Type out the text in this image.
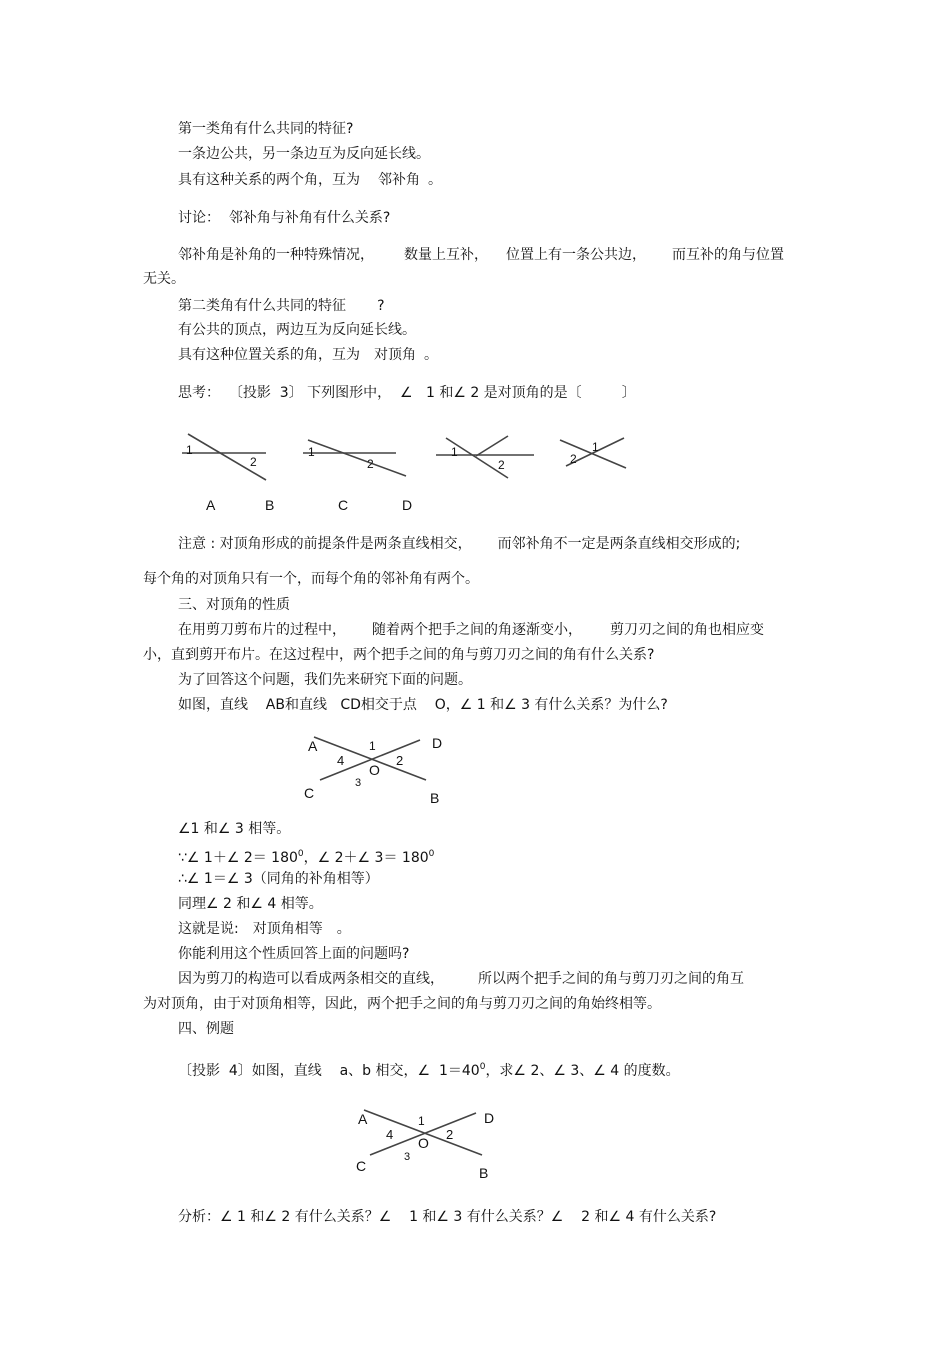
第一类角有什么共同的特征?
一条边公共，另一条边互为反向延长线。
具有这种关系的两个角，互为 邻补角 。
讨论：  邻补角与补角有什么关系?
邻补角是补角的一种特殊情况， 数量上互补， 位置上有一条公共边， 而互补的角与位置
无关。
第二类角有什么共同的特征       ?
有公共的顶点，两边互为反向延长线。
具有这种位置关系的角，互为 对顶角 。
思考：  〔投影  3〕 下列图形中，  ∠   1 和∠ 2 是对顶角的是〔         〕
1
2
1
2
1
2
1
2
A	B	C	D
注意 : 对顶角形成的前提条件是两条直线相交， 而邻补角不一定是两条直线相交形成的;
每个角的对顶角只有一个，而每个角的邻补角有两个。
三、对顶角的性质
在用剪刀剪布片的过程中， 随着两个把手之间的角逐渐变小， 剪刀刃之间的角也相应变
小，直到剪开布片。在这过程中，两个把手之间的角与剪刀刃之间的角有什么关系?
为了回答这个问题，我们先来研究下面的问题。
如图，直线    AB和直线   CD相交于点    O，∠ 1 和∠ 3 有什么关系？为什么?
A	D
1
4	2
O
3
C	B
∠1 和∠ 3 相等。
∵∠ 1＋∠ $2= 180^0$，∠ 2＋∠ $3= 180^0$
∴∠ 1＝∠ 3（同角的补角相等）
同理∠ 2 和∠ 4 相等。
这就是说: 对顶角相等 。
你能利用这个性质回答上面的问题吗?
因为剪刀的构造可以看成两条相交的直线， 所以两个把手之间的角与剪刀刃之间的角互
为对顶角，由于对顶角相等，因此，两个把手之间的角与剪刀刃之间的角始终相等。
四、例题
〔投影  4〕如图，直线    a、b 相交，∠  $1=40^0$，求∠ 2、∠ 3、∠ 4 的度数。
A	D
1
4	2
O
3
C	B
分析：∠ 1 和∠ 2 有什么关系？∠    1 和∠ 3 有什么关系？∠    2 和∠ 4 有什么关系?
